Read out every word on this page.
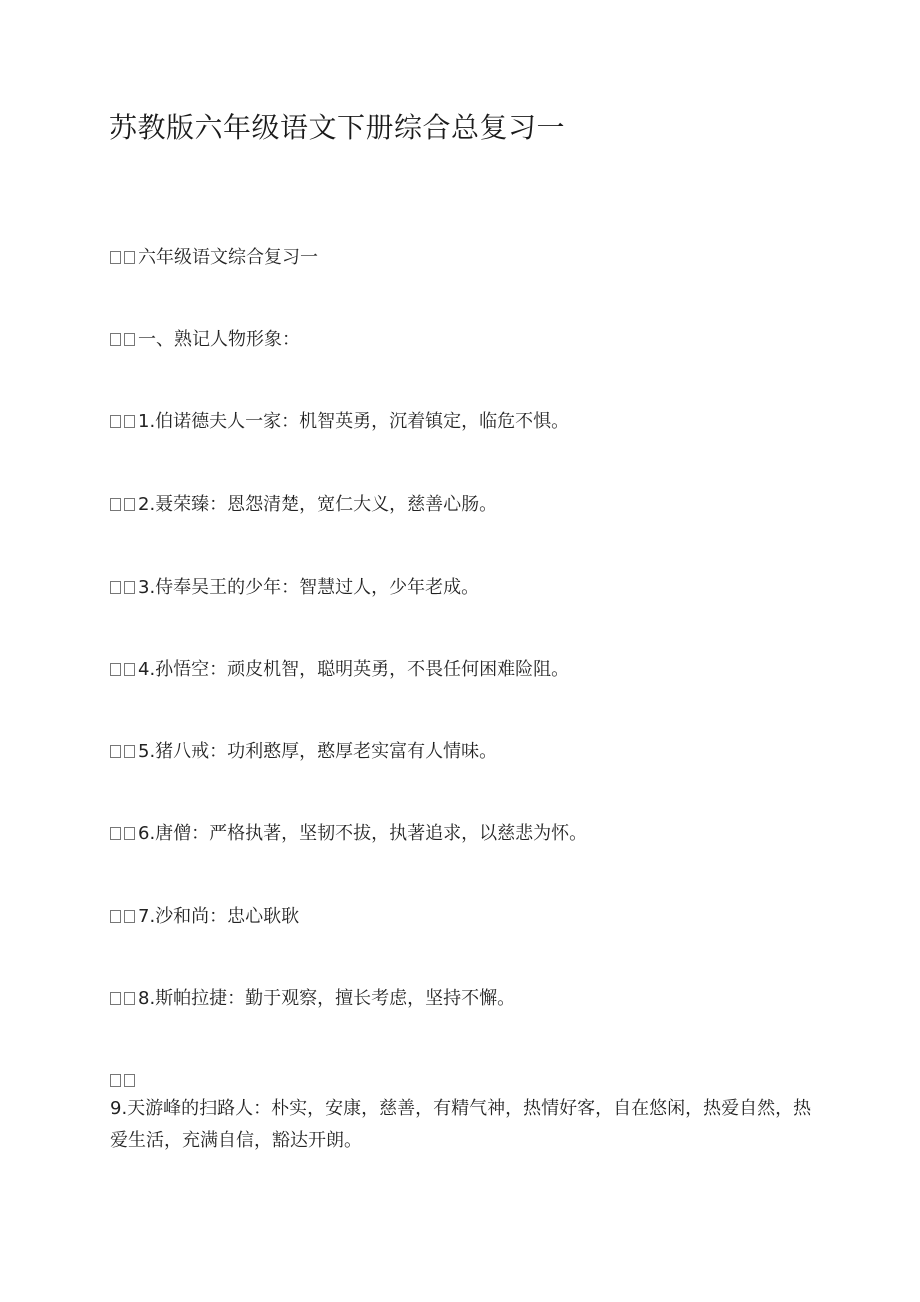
苏教版六年级语文下册综合总复习一
六年级语文综合复习一
一、熟记人物形象：
1.伯诺德夫人一家：机智英勇，沉着镇定，临危不惧。
2.聂荣臻：恩怨清楚，宽仁大义，慈善心肠。
3.侍奉吴王的少年：智慧过人，少年老成。
4.孙悟空：顽皮机智，聪明英勇，不畏任何困难险阻。
5.猪八戒：功利憨厚，憨厚老实富有人情味。
6.唐僧：严格执著，坚韧不拔，执著追求，以慈悲为怀。
7.沙和尚：忠心耿耿
8.斯帕拉捷：勤于观察，擅长考虑，坚持不懈。
9.天游峰的扫路人：朴实，安康，慈善，有精气神，热情好客，自在悠闲，热爱自然，热爱生活，充满自信，豁达开朗。
